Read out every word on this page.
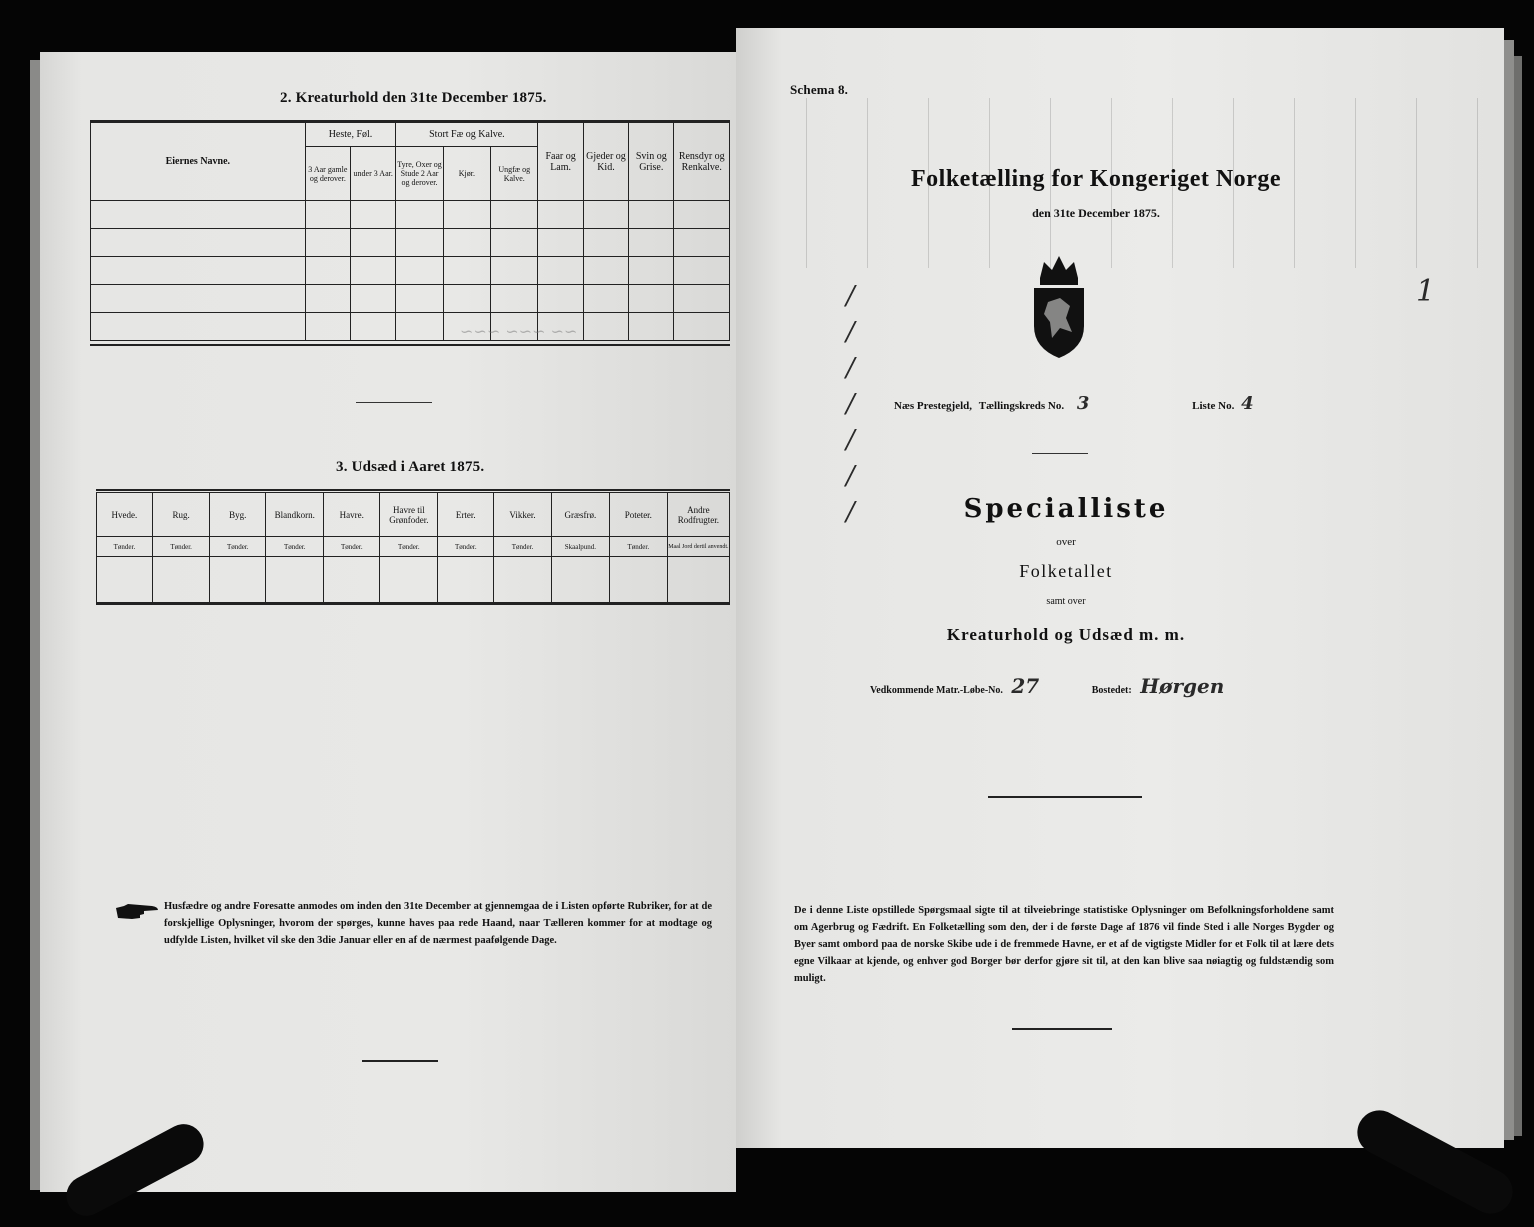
2. Kreaturhold den 31te December 1875.
Eiernes Navne.	Heste, Føl.		Stort Fæ og Kalve.			Faar og Lam.	Gjeder og Kid.	Svin og Grise.	Rensdyr og Renkalve.
	3 Aar gamle og derover.	under 3 Aar.	Tyre, Oxer og Stude 2 Aar og derover.	Kjør.	Ungfæ og Kalve.				

~~ ~~~ ~~~
3. Udsæd i Aaret 1875.
Hvede.	Rug.	Byg.	Blandkorn.	Havre.	Havre til Grønfoder.	Erter.	Vikker.	Græsfrø.	Poteter.	Andre Rodfrugter.
Tønder.	Tønder.	Tønder.	Tønder.	Tønder.	Tønder.	Tønder.	Tønder.	Skaalpund.	Tønder.	Maal Jord dertil anvendt.

Husfædre og andre Foresatte anmodes om inden den 31te December at gjennemgaa de i Listen opførte Rubriker, for at de forskjellige Oplysninger, hvorom der spørges, kunne haves paa rede Haand, naar Tælleren kommer for at modtage og udfylde Listen, hvilket vil ske den 3die Januar eller en af de nærmest paafølgende Dage.
Schema 8.
Folketælling for Kongeriget Norge
den 31te December 1875.
Næs Prestegjeld, Tællingskreds No. 3	Liste No. 4
Specialliste
over
Folketallet
samt over
Kreaturhold og Udsæd m. m.
Vedkommende Matr.-Løbe-No. 27	Bostedet: Hørgen
/
/
/
/
/
/
/
1
De i denne Liste opstillede Spørgsmaal sigte til at tilveiebringe statistiske Oplysninger om Befolkningsforholdene samt om Agerbrug og Fædrift. En Folketælling som den, der i de første Dage af 1876 vil finde Sted i alle Norges Bygder og Byer samt ombord paa de norske Skibe ude i de fremmede Havne, er et af de vigtigste Midler for et Folk til at lære dets egne Vilkaar at kjende, og enhver god Borger bør derfor gjøre sit til, at den kan blive saa nøiagtig og fuldstændig som muligt.
